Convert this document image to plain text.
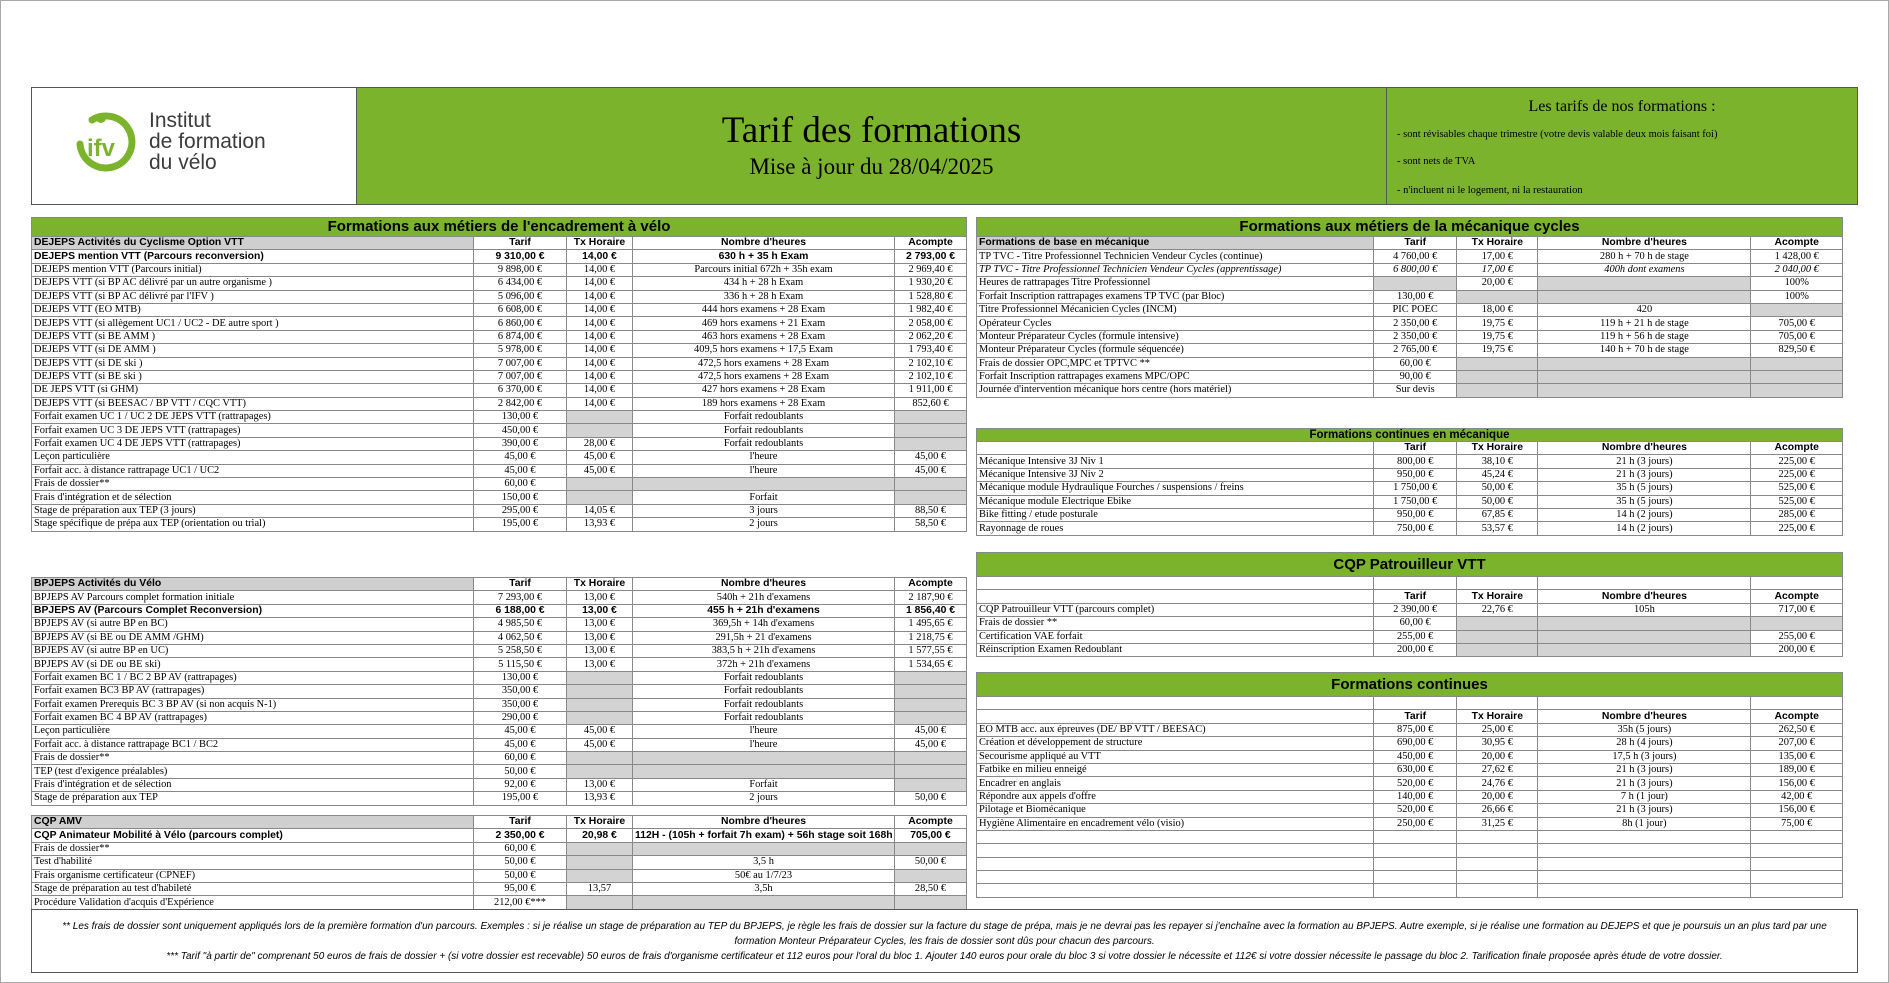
ifv
Institut
de formation
du vélo
Tarif des formations
Mise à jour du 28/04/2025
Les tarifs de nos formations :
- sont révisables chaque trimestre (votre devis valable deux mois faisant foi)
- sont nets de TVA
- n'incluent ni le logement, ni la restauration
Formations aux métiers de l'encadrement à vélo				
DEJEPS Activités du Cyclisme Option VTT	Tarif	Tx Horaire	Nombre d'heures	Acompte
DEJEPS mention VTT (Parcours reconversion)	9 310,00 €	14,00 €	630 h + 35 h Exam	2 793,00 €
DEJEPS mention VTT (Parcours initial)	9 898,00 €	14,00 €	Parcours initial 672h + 35h exam	2 969,40 €
DEJEPS VTT (si BP AC délivré par un autre organisme )	6 434,00 €	14,00 €	434 h + 28 h Exam	1 930,20 €
DEJEPS VTT (si BP AC délivré par l'IFV )	5 096,00 €	14,00 €	336 h + 28 h Exam	1 528,80 €
DEJEPS VTT (EO MTB)	6 608,00 €	14,00 €	444 hors examens + 28 Exam	1 982,40 €
DEJEPS VTT (si allègement UC1 / UC2 - DE autre sport )	6 860,00 €	14,00 €	469 hors examens + 21 Exam	2 058,00 €
DEJEPS VTT (si BE AMM )	6 874,00 €	14,00 €	463 hors examens + 28 Exam	2 062,20 €
DEJEPS VTT (si DE AMM )	5 978,00 €	14,00 €	409,5 hors examens + 17,5 Exam	1 793,40 €
DEJEPS VTT (si DE ski )	7 007,00 €	14,00 €	472,5 hors examens + 28 Exam	2 102,10 €
DEJEPS VTT (si BE ski )	7 007,00 €	14,00 €	472,5 hors examens + 28 Exam	2 102,10 €
DE JEPS VTT (si GHM)	6 370,00 €	14,00 €	427 hors examens + 28 Exam	1 911,00 €
DEJEPS VTT (si BEESAC / BP VTT / CQC VTT)	2 842,00 €	14,00 €	189 hors examens + 28 Exam	852,60 €
Forfait examen UC 1 / UC 2 DE JEPS VTT (rattrapages)	130,00 €		Forfait redoublants	
Forfait examen UC 3 DE JEPS VTT (rattrapages)	450,00 €		Forfait redoublants	
Forfait examen UC 4 DE JEPS VTT (rattrapages)	390,00 €	28,00 €	Forfait redoublants	
Leçon particulière	45,00 €	45,00 €	l'heure	45,00 €
Forfait acc. à distance rattrapage UC1 / UC2	45,00 €	45,00 €	l'heure	45,00 €
Frais de dossier**	60,00 €			
Frais d'intégration et de sélection	150,00 €		Forfait	
Stage de préparation aux TEP (3 jours)	295,00 €	14,05 €	3 jours	88,50 €
Stage spécifique de prépa aux TEP (orientation ou trial)	195,00 €	13,93 €	2 jours	58,50 €
BPJEPS Activités du Vélo	Tarif	Tx Horaire	Nombre d'heures	Acompte
BPJEPS AV Parcours complet formation initiale	7 293,00 €	13,00 €	540h + 21h d'examens	2 187,90 €
BPJEPS AV (Parcours Complet Reconversion)	6 188,00 €	13,00 €	455 h + 21h d'examens	1 856,40 €
BPJEPS AV (si autre BP en BC)	4 985,50 €	13,00 €	369,5h + 14h d'examens	1 495,65 €
BPJEPS AV (si BE ou DE AMM /GHM)	4 062,50 €	13,00 €	291,5h + 21 d'examens	1 218,75 €
BPJEPS AV (si autre BP en UC)	5 258,50 €	13,00 €	383,5 h + 21h d'examens	1 577,55 €
BPJEPS AV (si DE ou BE ski)	5 115,50 €	13,00 €	372h + 21h d'examens	1 534,65 €
Forfait examen BC 1 / BC 2 BP AV (rattrapages)	130,00 €		Forfait redoublants	
Forfait examen BC3 BP AV (rattrapages)	350,00 €		Forfait redoublants	
Forfait examen Prerequis BC 3 BP AV (si non acquis N-1)	350,00 €		Forfait redoublants	
Forfait examen BC 4 BP AV (rattrapages)	290,00 €		Forfait redoublants	
Leçon particulière	45,00 €	45,00 €	l'heure	45,00 €
Forfait acc. à distance rattrapage BC1 / BC2	45,00 €	45,00 €	l'heure	45,00 €
Frais de dossier**	60,00 €			
TEP (test d'exigence préalables)	50,00 €			
Frais d'intégration et de sélection	92,00 €	13,00 €	Forfait	
Stage de préparation aux TEP	195,00 €	13,93 €	2 jours	50,00 €
CQP AMV	Tarif	Tx Horaire	Nombre d'heures	Acompte
CQP Animateur Mobilité à Vélo (parcours complet)	2 350,00 €	20,98 €	112H - (105h + forfait 7h exam) + 56h stage soit 168h	705,00 €
Frais de dossier**	60,00 €			
Test d'habilité	50,00 €		3,5 h	50,00 €
Frais organisme certificateur (CPNEF)	50,00 €		50€ au 1/7/23	
Stage de préparation au test d'habileté	95,00 €	13,57	3,5h	28,50 €
Procédure Validation d'acquis d'Expérience	212,00 €***			
Formations aux métiers de la mécanique cycles				
Formations de base en mécanique	Tarif	Tx Horaire	Nombre d'heures	Acompte
TP TVC - Titre Professionnel Technicien Vendeur Cycles (continue)	4 760,00 €	17,00 €	280 h + 70 h de stage	1 428,00 €
TP TVC - Titre Professionnel Technicien Vendeur Cycles (apprentissage)	6 800,00 €	17,00 €	400h dont examens	2 040,00 €
Heures de rattrapages Titre Professionnel		20,00 €		100%
Forfait Inscription rattrapages examens TP TVC (par Bloc)	130,00 €			100%
Titre Professionnel Mécanicien Cycles (INCM)	PIC POEC	18,00 €	420	
Opérateur Cycles	2 350,00 €	19,75 €	119 h + 21 h de stage	705,00 €
Monteur Préparateur Cycles (formule intensive)	2 350,00 €	19,75 €	119 h + 56 h de stage	705,00 €
Monteur Préparateur Cycles (formule séquencée)	2 765,00 €	19,75 €	140 h + 70 h de stage	829,50 €
Frais de dossier OPC,MPC et TPTVC **	60,00 €			
Forfait Inscription rattrapages examens MPC/OPC	90,00 €			
Journée d'intervention mécanique hors centre (hors matériel)	Sur devis			
Formations continues en mécanique				
	Tarif	Tx Horaire	Nombre d'heures	Acompte
Mécanique Intensive 3J Niv 1	800,00 €	38,10 €	21 h (3 jours)	225,00 €
Mécanique Intensive 3J Niv 2	950,00 €	45,24 €	21 h (3 jours)	225,00 €
Mécanique module Hydraulique Fourches / suspensions / freins	1 750,00 €	50,00 €	35 h (5 jours)	525,00 €
Mécanique module Electrique Ebike	1 750,00 €	50,00 €	35 h (5 jours)	525,00 €
Bike fitting / etude posturale	950,00 €	67,85 €	14 h (2 jours)	285,00 €
Rayonnage de roues	750,00 €	53,57 €	14 h (2 jours)	225,00 €
CQP Patrouilleur VTT				

	Tarif	Tx Horaire	Nombre d'heures	Acompte
CQP Patrouilleur VTT (parcours complet)	2 390,00 €	22,76 €	105h	717,00 €
Frais de dossier **	60,00 €			
Certification VAE forfait	255,00 €			255,00 €
Réinscription Examen Redoublant	200,00 €			200,00 €
Formations continues				

	Tarif	Tx Horaire	Nombre d'heures	Acompte
EO MTB acc. aux épreuves (DE/ BP VTT / BEESAC)	875,00 €	25,00 €	35h (5 jours)	262,50 €
Création et développement de structure	690,00 €	30,95 €	28 h (4 jours)	207,00 €
Secourisme appliqué au VTT	450,00 €	20,00 €	17,5 h (3 jours)	135,00 €
Fatbike en milieu enneigé	630,00 €	27,62 €	21 h (3 jours)	189,00 €
Encadrer en anglais	520,00 €	24,76 €	21 h (3 jours)	156,00 €
Répondre aux appels d'offre	140,00 €	20,00 €	7 h (1 jour)	42,00 €
Pilotage et Biomécanique	520,00 €	26,66 €	21 h (3 jours)	156,00 €
Hygiène Alimentaire en encadrement vélo (visio)	250,00 €	31,25 €	8h (1 jour)	75,00 €

** Les frais de dossier sont uniquement appliqués lors de la première formation d'un parcours. Exemples : si je réalise un stage de préparation au TEP du BPJEPS, je règle les frais de dossier sur la facture du stage de prépa, mais je ne devrai pas les repayer si j'enchaîne avec la formation au BPJEPS. Autre exemple, si je réalise une formation au DEJEPS et que je poursuis un an plus tard par une
formation Monteur Préparateur Cycles, les frais de dossier sont dûs pour chacun des parcours.
*** Tarif "à partir de" comprenant 50 euros de frais de dossier + (si votre dossier est recevable) 50 euros de frais d'organisme certificateur et 112 euros pour l'oral du bloc 1. Ajouter 140 euros pour orale du bloc 3 si votre dossier le nécessite et 112€ si votre dossier nécessite le passage du bloc 2. Tarification finale proposée après étude de votre dossier.
